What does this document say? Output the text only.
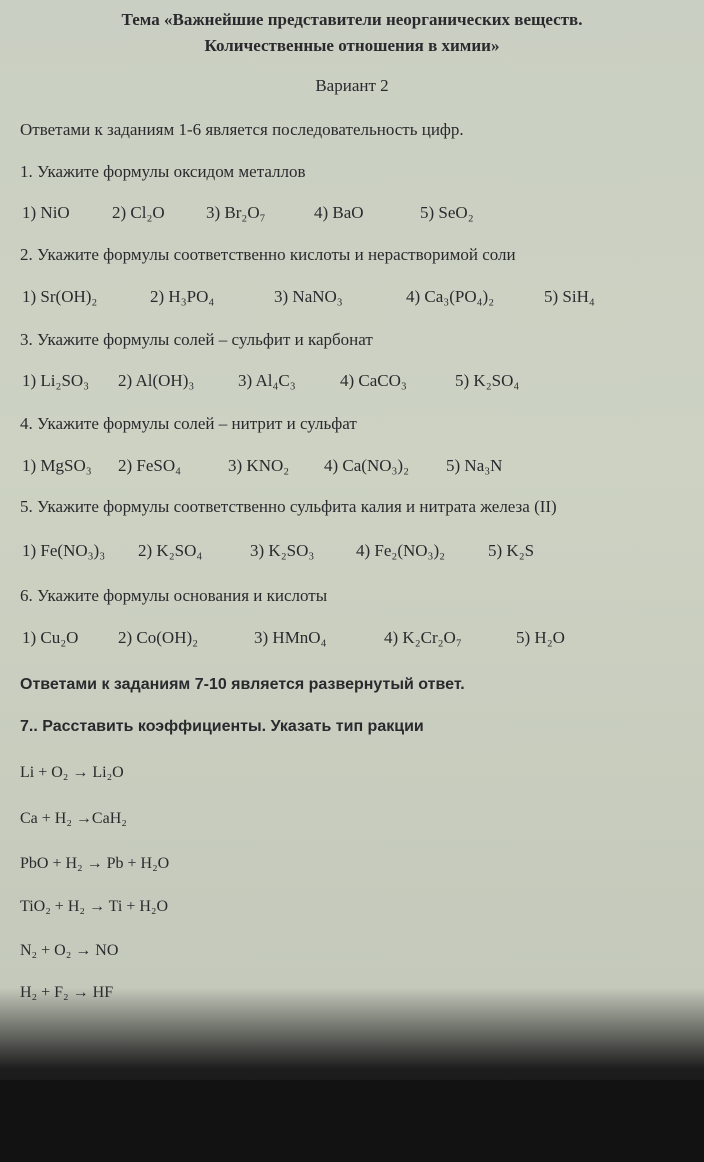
Тема «Важнейшие представители неорганических веществ.
Количественные отношения в химии»
Вариант 2
Ответами к заданиям 1-6 является последовательность цифр.
1. Укажите формулы оксидом металлов
1) NiO 2) Cl₂O 3) Br₂O₇	4) BaO	5) SeO₂
2. Укажите формулы соответственно кислоты и нерастворимой соли
1) Sr(OH)₂	2) H₃PO₄	3) NaNO₃	4) Ca₃(PO₄)₂	5) SiH₄
3. Укажите формулы солей – сульфит и карбонат
1) Li₂SO₃ 2) Al(OH)₃	3) Al₄C₃	4) CaCO₃	5) K₂SO₄
4. Укажите формулы солей – нитрит и сульфат
1) MgSO₃ 2) FeSO₄	3) KNO₂ 4) Ca(NO₃)₂ 5) Na₃N
5. Укажите формулы соответственно сульфита калия и нитрата железа (II)
1) Fe(NO₃)₃ 2) K₂SO₄	3) K₂SO₃ 4) Fe₂(NO₃)₂	5) K₂S
6. Укажите формулы основания и кислоты
1) Cu₂O 2) Co(OH)₂	3) HMnO₄	4) K₂Cr₂O₇	5) H₂O
Ответами к заданиям 7-10 является развернутый ответ.
7.. Расставить коэффициенты. Указать тип ракции
Li + O₂ → Li₂O
Ca + H₂ →CaH₂
PbO + H₂ → Pb + H₂O
TiO₂ + H₂ → Ti + H₂O
N₂ + O₂ → NO
H₂ + F₂ → HF
